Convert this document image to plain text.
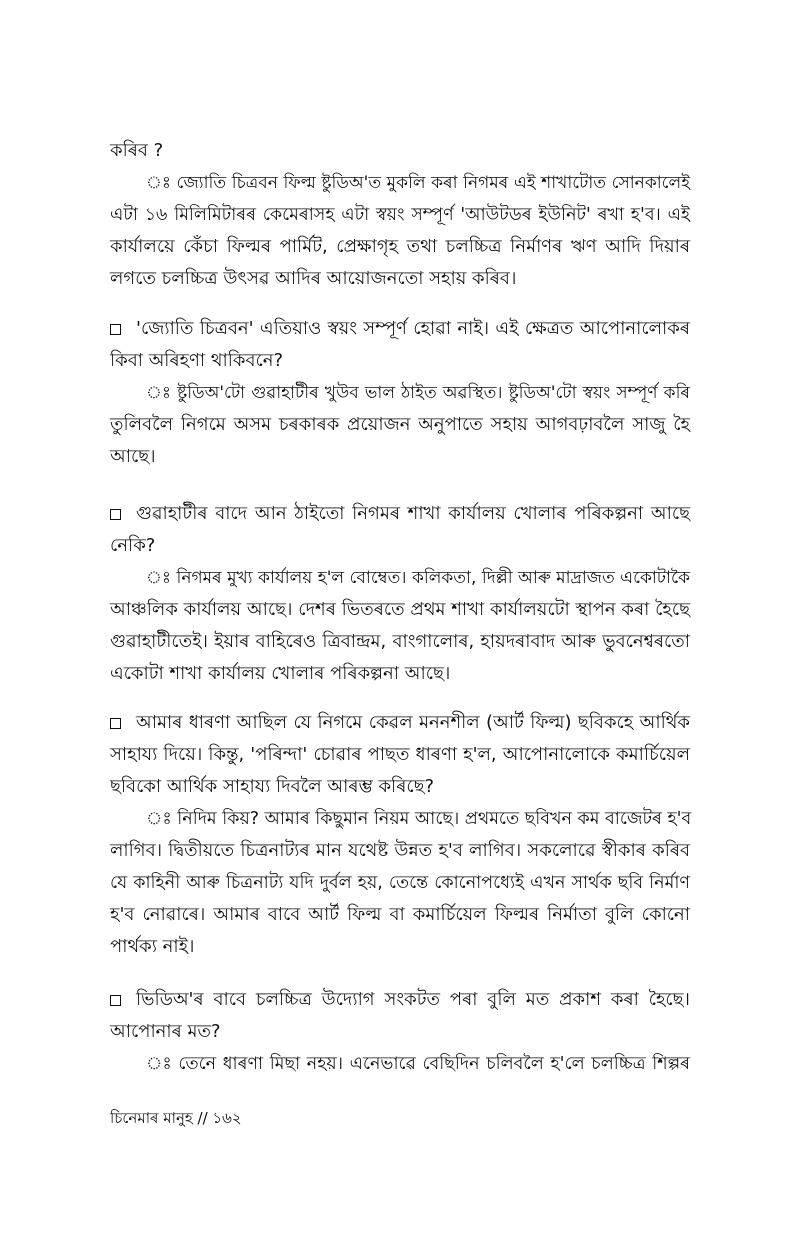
কৰিব ?
ঃ জ্যোতি চিত্ৰবন ফিল্ম ষ্টুডিঅ'ত মুকলি কৰা নিগমৰ এই শাখাটোত সোনকালেই
এটা ১৬ মিলিমিটাৰৰ কেমেৰাসহ এটা স্বয়ং সম্পূৰ্ণ 'আউটডৰ ইউনিট' ৰখা হ'ব। এই
কাৰ্যালয়ে কেঁচা ফিল্মৰ পাৰ্মিট, প্ৰেক্ষাগৃহ তথা চলচ্চিত্ৰ নিৰ্মাণৰ ঋণ আদি দিয়াৰ
লগতে চলচ্চিত্ৰ উৎসৱ আদিৰ আয়োজনতো সহায় কৰিব।
'জ্যোতি চিত্ৰবন' এতিয়াও স্বয়ং সম্পূৰ্ণ হোৱা নাই। এই ক্ষেত্ৰত আপোনালোকৰ
কিবা অৰিহণা থাকিবনে?
ঃ ষ্টুডিঅ'টো গুৱাহাটীৰ খুউব ভাল ঠাইত অৱস্থিত। ষ্টুডিঅ'টো স্বয়ং সম্পূৰ্ণ কৰি
তুলিবলৈ নিগমে অসম চৰকাৰক প্ৰয়োজন অনুপাতে সহায় আগবঢ়াবলৈ সাজু হৈ
আছে।
গুৱাহাটীৰ বাদে আন ঠাইতো নিগমৰ শাখা কাৰ্যালয় খোলাৰ পৰিকল্পনা আছে
নেকি?
ঃ নিগমৰ মুখ্য কাৰ্যালয় হ'ল বোম্বেত। কলিকতা, দিল্লী আৰু মাদ্ৰাজত একোটাকৈ
আঞ্চলিক কাৰ্যালয় আছে। দেশৰ ভিতৰতে প্ৰথম শাখা কাৰ্যালয়টো স্থাপন কৰা হৈছে
গুৱাহাটীতেই। ইয়াৰ বাহিৰেও ত্ৰিবান্দ্ৰম, বাংগালোৰ, হায়দৰাবাদ আৰু ভুবনেশ্বৰতো
একোটা শাখা কাৰ্যালয় খোলাৰ পৰিকল্পনা আছে।
আমাৰ ধাৰণা আছিল যে নিগমে কেৱল মননশীল (আৰ্ট ফিল্ম) ছবিকহে আৰ্থিক
সাহায্য দিয়ে। কিন্তু, 'পৰিন্দা' চোৱাৰ পাছত ধাৰণা হ'ল, আপোনালোকে কমাৰ্চিয়েল
ছবিকো আৰ্থিক সাহায্য দিবলৈ আৰম্ভ কৰিছে?
ঃ নিদিম কিয়? আমাৰ কিছুমান নিয়ম আছে। প্ৰথমতে ছবিখন কম বাজেটৰ হ'ব
লাগিব। দ্বিতীয়তে চিত্ৰনাট্যৰ মান যথেষ্ট উন্নত হ'ব লাগিব। সকলোৱে স্বীকাৰ কৰিব
যে কাহিনী আৰু চিত্ৰনাট্য যদি দুৰ্বল হয়, তেন্তে কোনোপধ্যেই এখন সাৰ্থক ছবি নিৰ্মাণ
হ'ব নোৱাৰে। আমাৰ বাবে আৰ্ট ফিল্ম বা কমাৰ্চিয়েল ফিল্মৰ নিৰ্মাতা বুলি কোনো
পাৰ্থক্য নাই।
ভিডিঅ'ৰ বাবে চলচ্চিত্ৰ উদ্যোগ সংকটত পৰা বুলি মত প্ৰকাশ কৰা হৈছে।
আপোনাৰ মত?
ঃ তেনে ধাৰণা মিছা নহয়। এনেভাৱে বেছিদিন চলিবলৈ হ'লে চলচ্চিত্ৰ শিল্পৰ
চিনেমাৰ মানুহ // ১৬২
